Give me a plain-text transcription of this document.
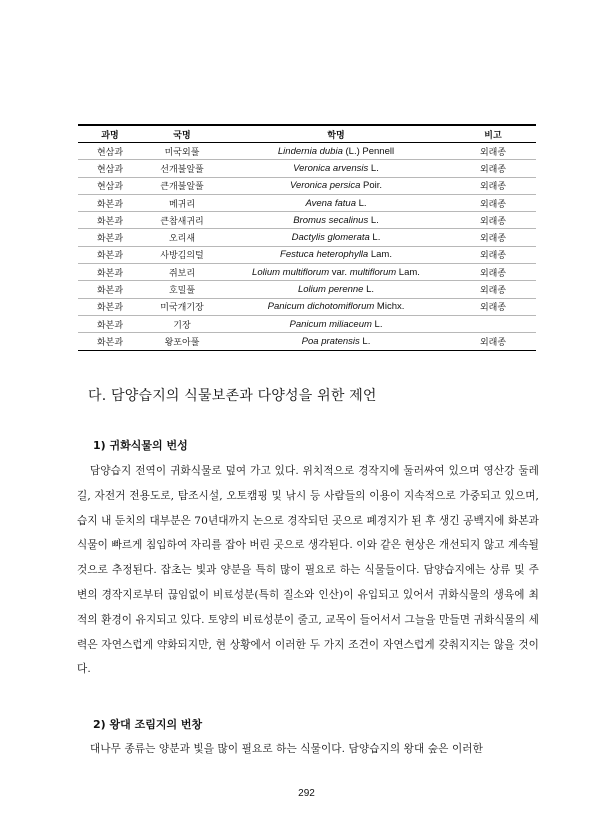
과명	국명	학명	비고
현삼과	미국외풀	Lindernia dubia (L.) Pennell	외래종
현삼과	선개불알풀	Veronica arvensis L.	외래종
현삼과	큰개불알풀	Veronica persica Poir.	외래종
화본과	메귀리	Avena fatua L.	외래종
화본과	큰참새귀리	Bromus secalinus L.	외래종
화본과	오리새	Dactylis glomerata L.	외래종
화본과	사방김의털	Festuca heterophylla Lam.	외래종
화본과	쥐보리	Lolium multiflorum var. multiflorum Lam.	외래종
화본과	호밀풀	Lolium perenne L.	외래종
화본과	미국개기장	Panicum dichotomiflorum Michx.	외래종
화본과	기장	Panicum miliaceum L.	
화본과	왕포아풀	Poa pratensis L.	외래종
다. 담양습지의 식물보존과 다양성을 위한 제언
1) 귀화식물의 번성

담양습지 전역이 귀화식물로 덮여 가고 있다. 위치적으로 경작지에 둘러싸여 있으며 영산강 둘레길, 자전거 전용도로, 탐조시설, 오토캠핑 및 낚시 등 사람들의 이용이 지속적으로 가중되고 있으며, 습지 내 둔치의 대부분은 70년대까지 논으로 경작되던 곳으로 폐경지가 된 후 생긴 공백지에 화본과 식물이 빠르게 침입하여 자리를 잡아 버린 곳으로 생각된다. 이와 같은 현상은 개선되지 않고 계속될 것으로 추정된다. 잡초는 빛과 양분을 특히 많이 필요로 하는 식물들이다. 담양습지에는 상류 및 주변의 경작지로부터 끊임없이 비료성분(특히 질소와 인산)이 유입되고 있어서 귀화식물의 생육에 최적의 환경이 유지되고 있다. 토양의 비료성분이 줄고, 교목이 들어서서 그늘을 만들면 귀화식물의 세력은 자연스럽게 약화되지만, 현 상황에서 이러한 두 가지 조건이 자연스럽게 갖춰지지는 않을 것이다.

2) 왕대 조림지의 번창

대나무 종류는 양분과 빛을 많이 필요로 하는 식물이다. 담양습지의 왕대 숲은 이러한

292
